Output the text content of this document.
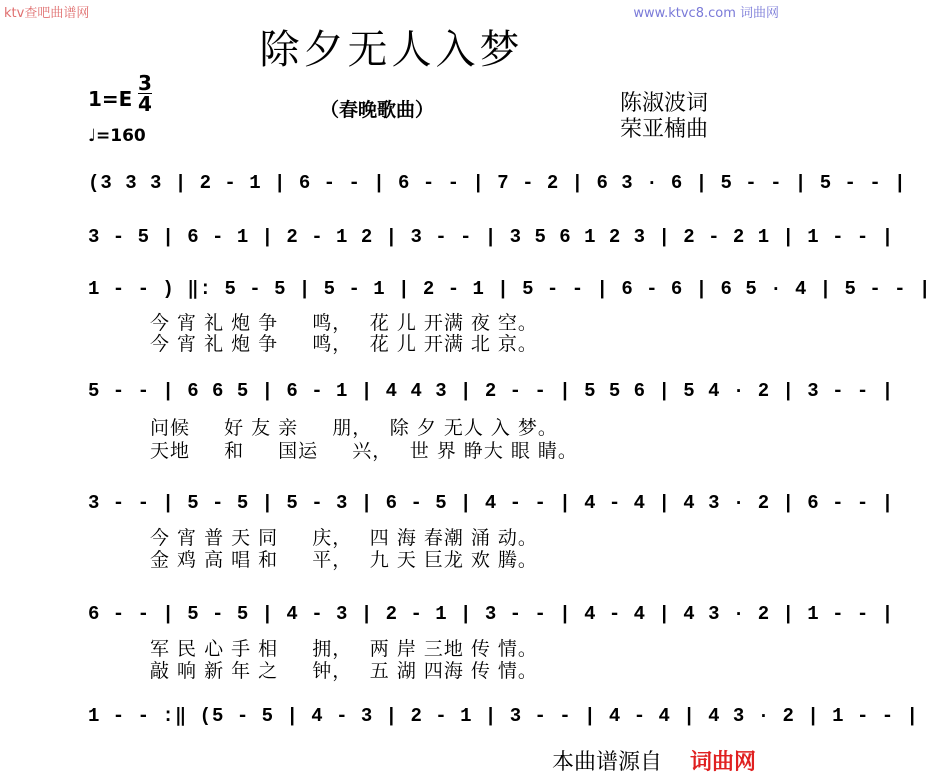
ktv查吧曲谱网	www.ktvc8.com 词曲网
除夕无人入梦
1=E
3
4
♩=160
（春晚歌曲）	陈淑波词
荣亚楠曲
(3 3 3 | 2 - 1 | 6 - - | 6 - - | 7 - 2 | 6 3 · 6 | 5 - - | 5 - - |
3 - 5 | 6 - 1 | 2 - 1 2 | 3 - - | 3 5 6 1 2 3 | 2 - 2 1 | 1 - - |
1 - - ) ‖: 5 - 5 | 5 - 1 | 2 - 1 | 5 - - | 6 - 6 | 6 5 · 4 | 5 - - |
今 宵 礼 炮 争 　 鸣，　 花 儿 开满 夜 空。
今 宵 礼 炮 争 　 鸣，　 花 儿 开满 北 京。
5 - - | 6 6 5 | 6 - 1 | 4 4 3 | 2 - - | 5 5 6 | 5 4 · 2 | 3 - - |
问候 　 好 友 亲 　 朋，　 除 夕 无人 入 梦。
天地 　 和 　 国运 　 兴，　 世 界 睁大 眼 睛。
3 - - | 5 - 5 | 5 - 3 | 6 - 5 | 4 - - | 4 - 4 | 4 3 · 2 | 6 - - |
今 宵 普 天 同 　 庆，　 四 海 春潮 涌 动。
金 鸡 高 唱 和 　 平，　 九 天 巨龙 欢 腾。
6 - - | 5 - 5 | 4 - 3 | 2 - 1 | 3 - - | 4 - 4 | 4 3 · 2 | 1 - - |
军 民 心 手 相 　 拥，　 两 岸 三地 传 情。
敲 响 新 年 之 　 钟，　 五 湖 四海 传 情。
1 - - :‖ (5 - 5 | 4 - 3 | 2 - 1 | 3 - - | 4 - 4 | 4 3 · 2 | 1 - - |
本曲谱源自 词曲网
